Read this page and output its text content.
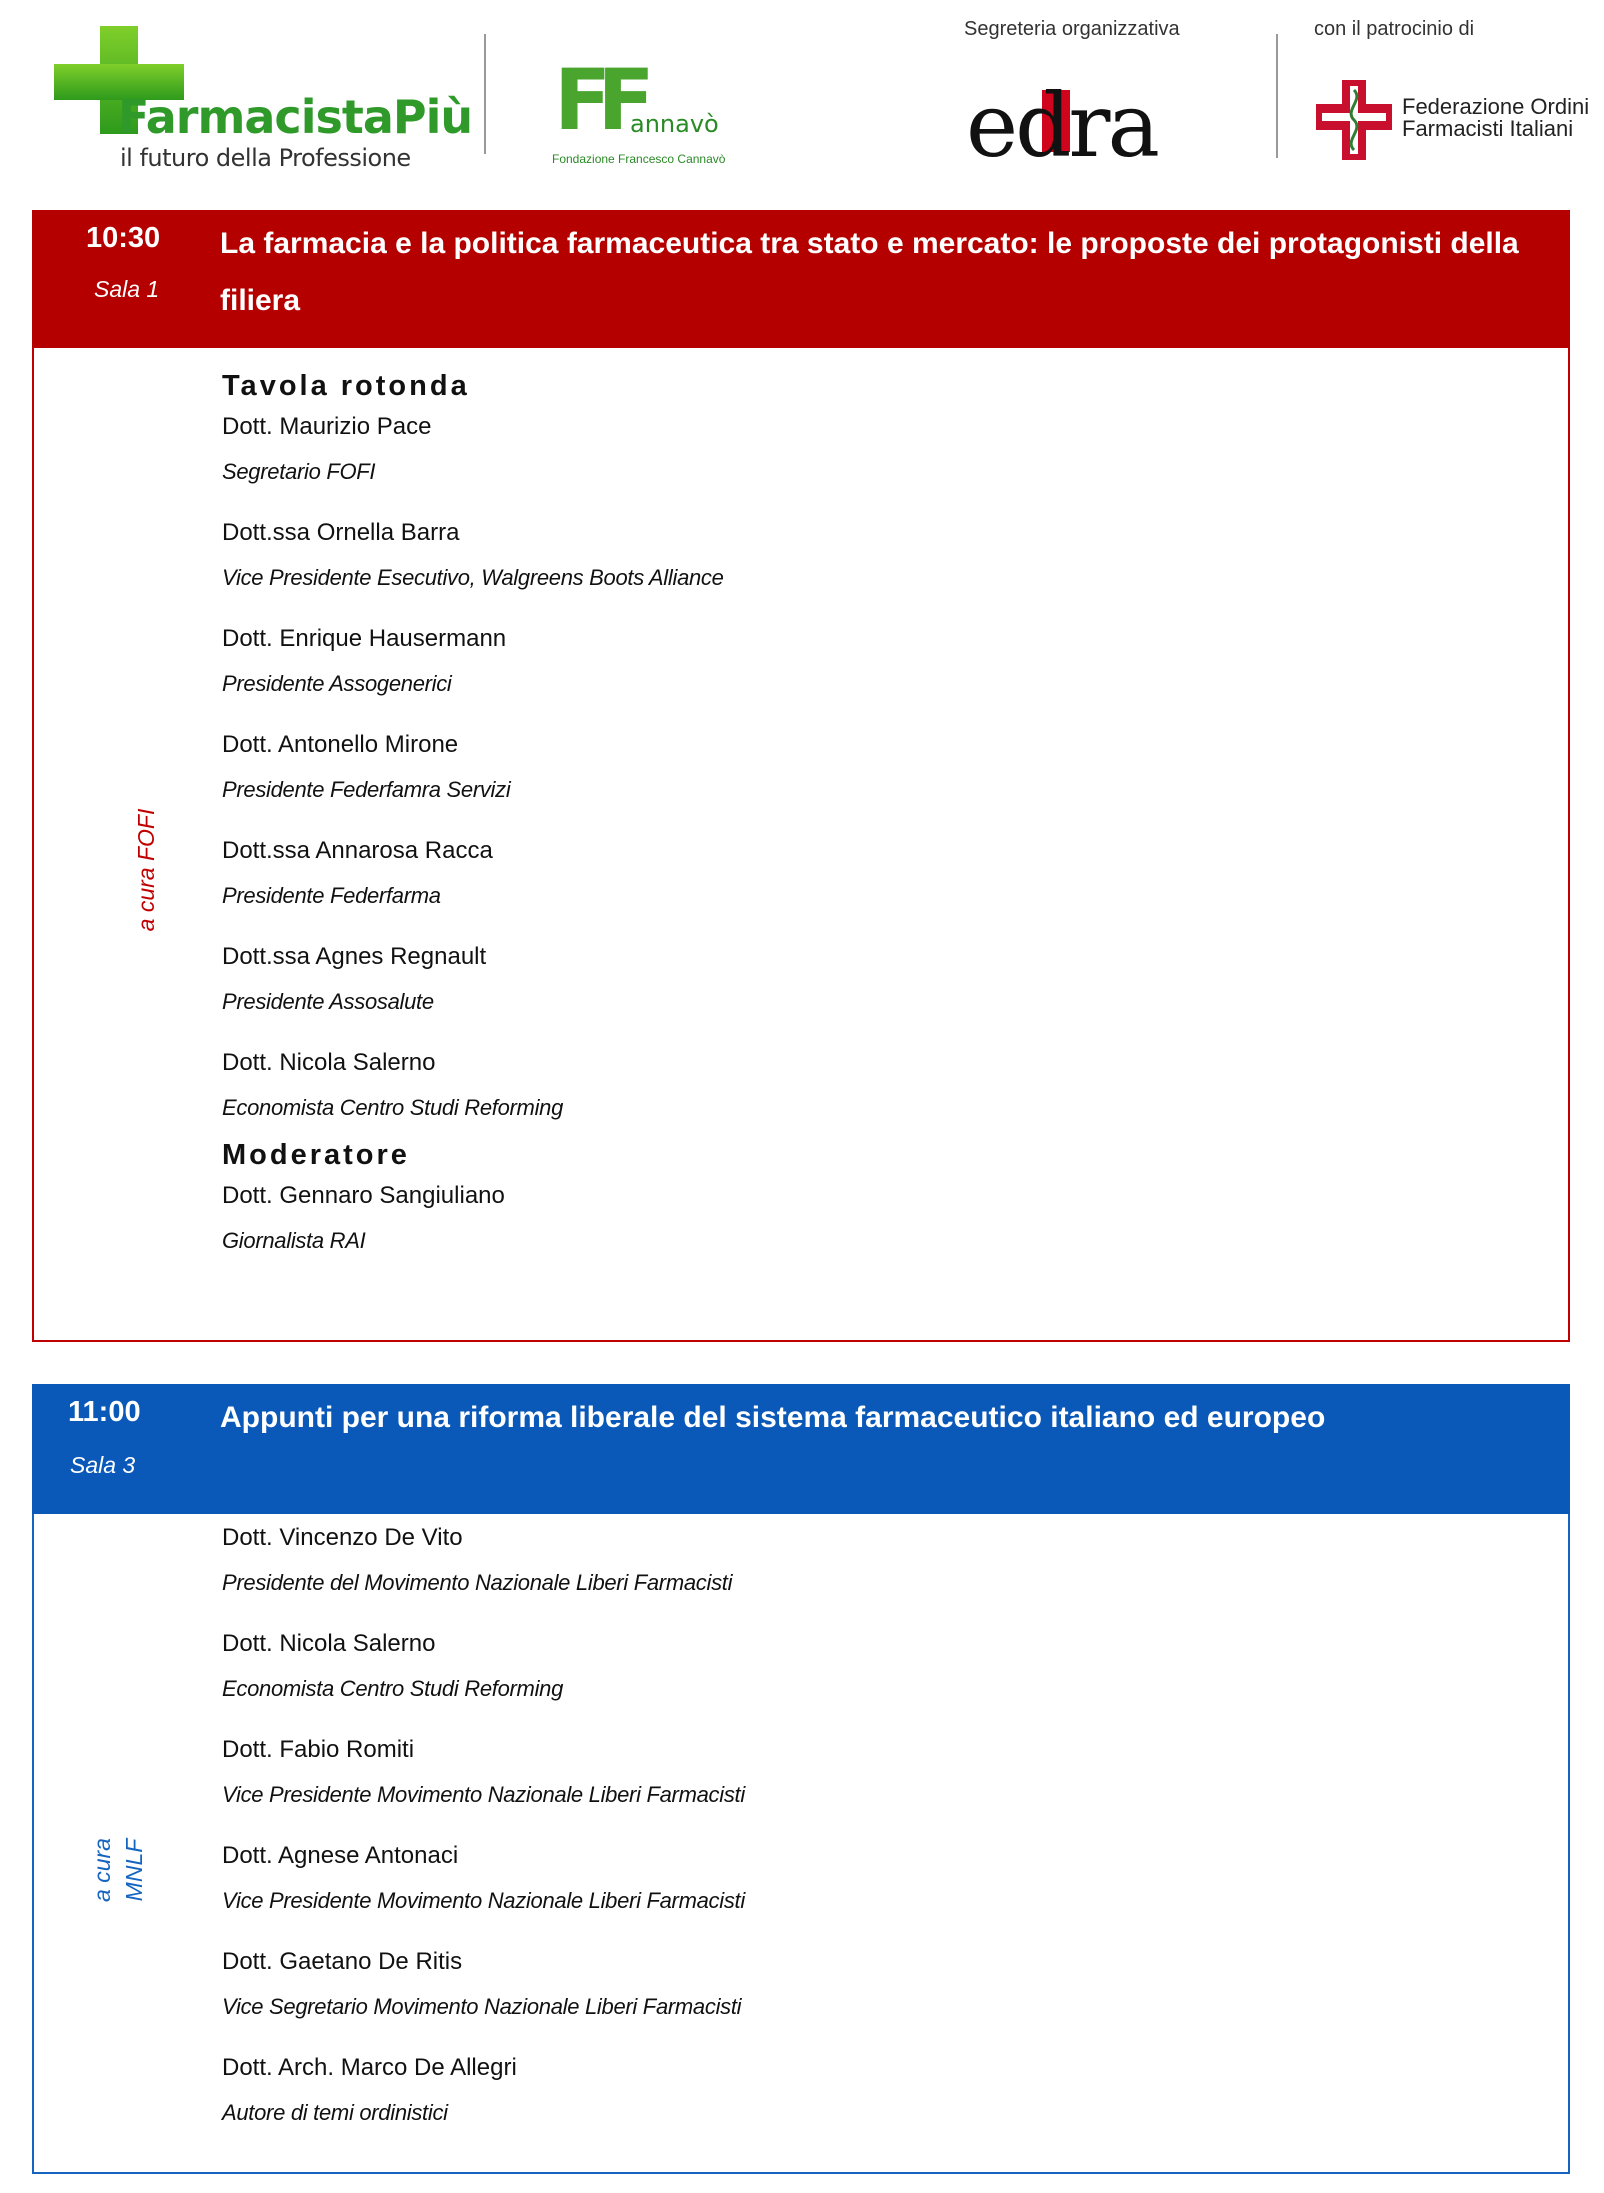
FarmacistaPiù
il futuro della Professione
FF
annavò
Fondazione Francesco Cannavò
Segreteria organizzativa
edra
con il patrocinio di
Federazione Ordini
Farmacisti Italiani
10:30
Sala 1
La farmacia e la politica farmaceutica tra stato e mercato: le proposte dei protagonisti della filiera
a cura FOFI
Tavola rotonda
Dott. Maurizio Pace
Segretario FOFI
Dott.ssa Ornella Barra
Vice Presidente Esecutivo, Walgreens Boots Alliance
Dott. Enrique Hausermann
Presidente Assogenerici
Dott. Antonello Mirone
Presidente Federfamra Servizi
Dott.ssa Annarosa Racca
Presidente Federfarma
Dott.ssa Agnes Regnault
Presidente Assosalute
Dott. Nicola Salerno
Economista Centro Studi Reforming
Moderatore
Dott. Gennaro Sangiuliano
Giornalista RAI
11:00
Sala 3
Appunti per una riforma liberale del sistema farmaceutico italiano ed europeo
a cura MNLF
Dott. Vincenzo De Vito
Presidente del Movimento Nazionale Liberi Farmacisti
Dott. Nicola Salerno
Economista Centro Studi Reforming
Dott. Fabio Romiti
Vice Presidente Movimento Nazionale Liberi Farmacisti
Dott. Agnese Antonaci
Vice Presidente Movimento Nazionale Liberi Farmacisti
Dott. Gaetano De Ritis
Vice Segretario Movimento Nazionale Liberi Farmacisti
Dott. Arch. Marco De Allegri
Autore di temi ordinistici
